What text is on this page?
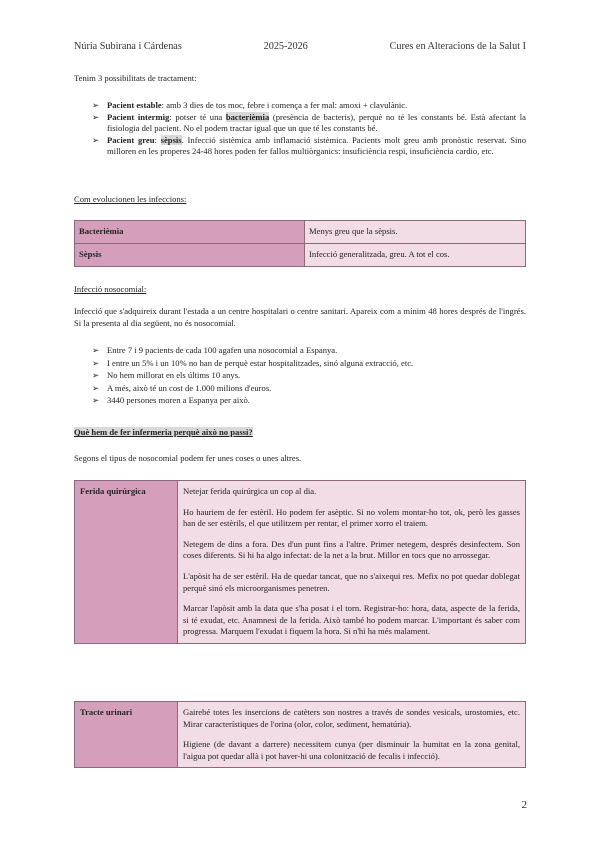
Núria Subirana i Cárdenas	2025-2026	Cures en Alteracions de la Salut I
Tenim 3 possibilitats de tractament:
➢ Pacient estable: amb 3 dies de tos moc, febre i comença a fer mal: amoxi + clavulànic.
➢ Pacient intermig: potser té una bacterièmia (presència de bacteris), perquè no té les constants bé. Està afectant la fisiologia del pacient. No el podem tractar igual que un que té les constants bé.
➢ Pacient greu: sèpsis. Infecció sistèmica amb inflamació sistèmica. Pacients molt greu amb pronòstic reservat. Sino milloren en les properes 24-48 hores poden fer fallos multiòrganics: insuficiència respi, insuficiència cardio, etc.
Com evolucionen les infeccions:
Bacterièmia	Menys greu que la sèpsis.
Sèpsis	Infecció generalitzada, greu. A tot el cos.
Infecció nosocomial:
Infecció que s'adquireix durant l'estada a un centre hospitalari o centre sanitari. Apareix com a mínim 48 hores després de l'ingrés. Si la presenta al dia següent, no és nosocomial.
➢ Entre 7 i 9 pacients de cada 100 agafen una nosocomial a Espanya.
➢ I entre un 5% i un 10% no han de perquè estar hospitalitzades, sinó alguna extracció, etc.
➢ No hem millorat en els últims 10 anys.
➢ A més, això té un cost de 1.000 milions d'euros.
➢ 3440 persones moren a Espanya per això.
Què hem de fer infermeria perquè això no passi?
Segons el tipus de nosocomial podem fer unes coses o unes altres.
Ferida quirúrgica	Netejar ferida quirúrgica un cop al dia.

Ho hauriem de fer estèril. Ho podem fer asèptic. Si no volem montar-ho tot, ok, però les gasses han de ser estèrils, el que utilitzem per rentar, el primer xorro el traiem.

Netegem de dins a fora. Des d'un punt fins a l'altre. Primer netegem, després desinfectem. Son coses diferents. Si hi ha algo infectat: de la net a la brut. Millor en tocs que no arrossegar.

L'apòsit ha de ser estèril. Ha de quedar tancat, que no s'aixequi res. Mefix no pot quedar doblegat perquè sinó els microorganismes penetren.

Marcar l'apòsit amb la data que s'ha posat i el torn. Registrar-ho: hora, data, aspecte de la ferida, si té exudat, etc. Anamnesi de la ferida. Això també ho podem marcar. L'important és saber com progressa. Marquem l'exudat i fiquem la hora. Si n'hi ha més malament.

Tracte urinari	Gairebé totes les insercions de catèters son nostres a través de sondes vesicals, urostomies, etc. Mirar característiques de l'orina (olor, color, sediment, hematúria).

Higiene (de davant a darrere) necessitem cunya (per disminuir la humitat en la zona genital, l'aigua pot quedar allà i pot haver-hi una colonització de fecalis i infecció).

2
